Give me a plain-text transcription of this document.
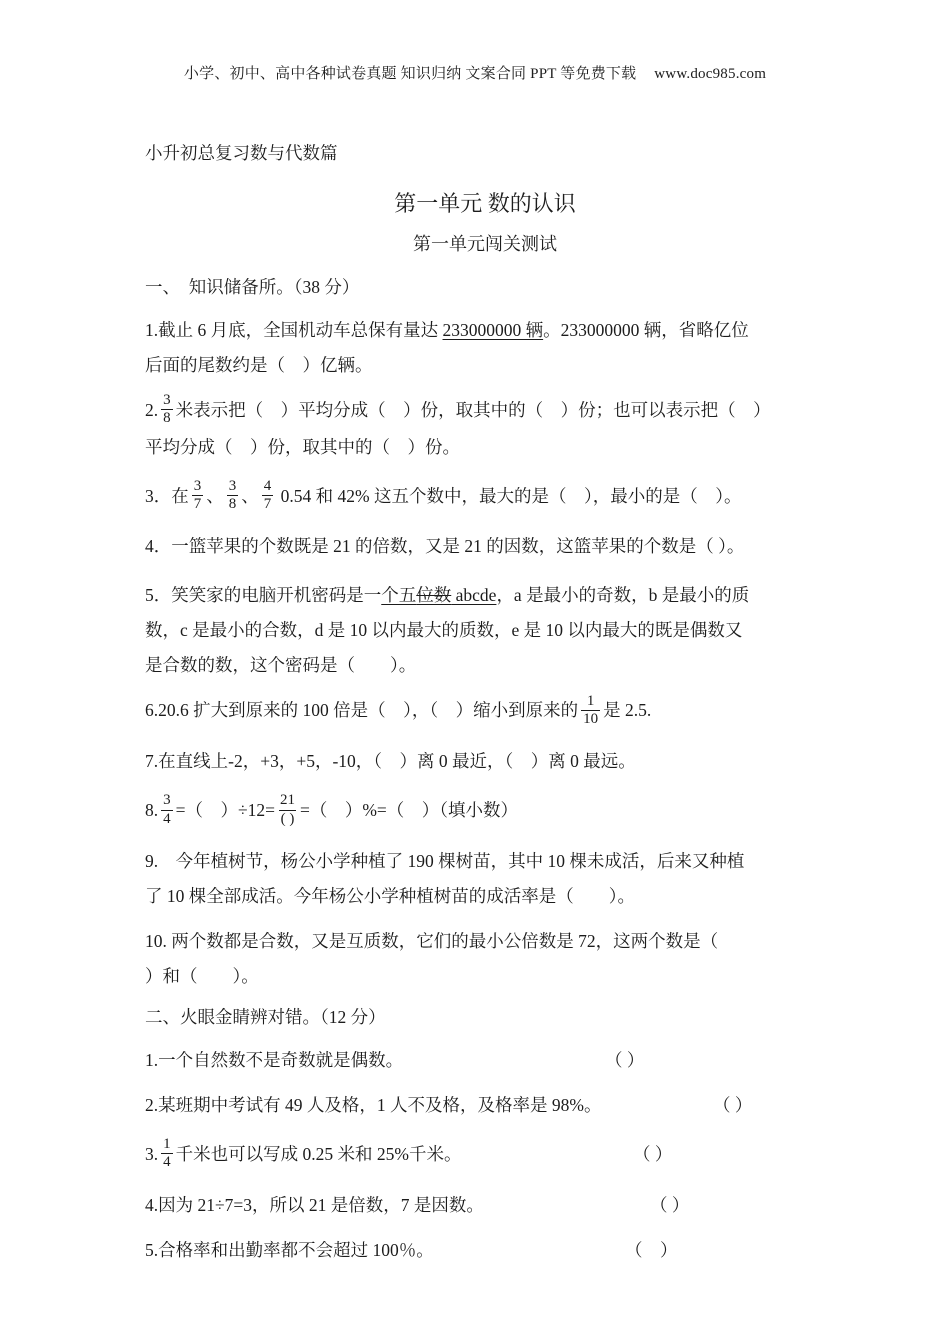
小学、初中、高中各种试卷真题 知识归纳 文案合同 PPT 等免费下载 www.doc985.com

小升初总复习数与代数篇

第一单元 数的认识
第一单元闯关测试

一、　知识储备所。（38 分）

1.截止 6 月底，全国机动车总保有量达 233000000 辆。233000000 辆，省略亿位
后面的尾数约是（　）亿辆。

2. $\frac{3}{8}$ 米表示把（　）平均分成（　）份，取其中的（　）份；也可以表示把（　）
平均分成（　）份，取其中的（　）份。

3．在 $\frac{3}{7}$ 、 $\frac{3}{8}$ 、 $\frac{4}{7} 0.54$ 和 42% 这五个数中，最大的是（　），最小的是（　）。

4．一篮苹果的个数既是 21 的倍数，又是 21 的因数，这篮苹果的个数是（ ）。

5．笑笑家的电脑开机密码是一个五位数 abcde，a 是最小的奇数，b 是最小的质
数，c 是最小的合数，d 是 10 以内最大的质数，e 是 10 以内最大的既是偶数又
是合数的数，这个密码是（　　）。

6.20.6 扩大到原来的 100 倍是（　），（　）缩小到原来的 $\frac{1}{10}$ 是 2.5.

7.在直线上-2，+3，+5，-10，（　）离 0 最近，（　）离 0 最远。

8. $\frac{3}{4}$ =（　）$\div 12= \frac{21}{( )}$ =（　）%=（　）（填小数）

9.　今年植树节，杨公小学种植了 190 棵树苗，其中 10 棵未成活，后来又种植
了 10 棵全部成活。今年杨公小学种植树苗的成活率是（　　）。

10. 两个数都是合数，又是互质数，它们的最小公倍数是 72，这两个数是（
）和（　　）。

二、火眼金睛辨对错。（12 分）

1.一个自然数不是奇数就是偶数。	（ ）

2.某班期中考试有 49 人及格，1 人不及格，及格率是 98%。	（ ）

3. $\frac{1}{4}$ 千米也可以写成 0.25 米和 25%千米。	（ ）

4.因为 21÷7=3，所以 21 是倍数，7 是因数。	（ ）

5.合格率和出勤率都不会超过 100％。	（　）
